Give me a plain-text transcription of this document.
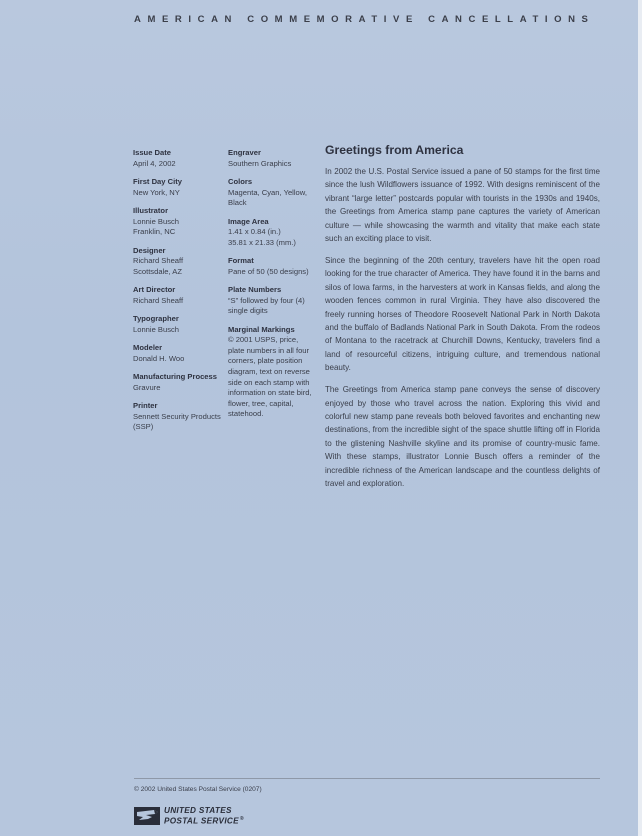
AMERICAN COMMEMORATIVE CANCELLATIONS
Issue Date
April 4, 2002
First Day City
New York, NY
Illustrator
Lonnie Busch
Franklin, NC
Designer
Richard Sheaff
Scottsdale, AZ
Art Director
Richard Sheaff
Typographer
Lonnie Busch
Modeler
Donald H. Woo
Manufacturing Process
Gravure
Printer
Sennett Security Products (SSP)
Engraver
Southern Graphics
Colors
Magenta, Cyan, Yellow, Black
Image Area
1.41 x 0.84 (in.)
35.81 x 21.33 (mm.)
Format
Pane of 50 (50 designs)
Plate Numbers
“S” followed by four (4) single digits
Marginal Markings
© 2001 USPS, price, plate numbers in all four corners, plate position diagram, text on reverse side on each stamp with information on state bird, flower, tree, capital, statehood.
Greetings from America

In 2002 the U.S. Postal Service issued a pane of 50 stamps for the first time since the lush Wildflowers issuance of 1992. With designs reminiscent of the vibrant “large letter” postcards popular with tourists in the 1930s and 1940s, the Greetings from America stamp pane captures the variety of American culture — while showcasing the warmth and vitality that make each state such an exciting place to visit.

Since the beginning of the 20th century, travelers have hit the open road looking for the true character of America. They have found it in the barns and silos of Iowa farms, in the harvesters at work in Kansas fields, and along the wooden fences common in rural Virginia. They have also discovered the freely running horses of Theodore Roosevelt National Park in North Dakota and the buffalo of Badlands National Park in South Dakota. From the rodeos of Montana to the racetrack at Churchill Downs, Kentucky, travelers find a land of resourceful citizens, intriguing culture, and tremendous national beauty.

The Greetings from America stamp pane conveys the sense of discovery enjoyed by those who travel across the nation. Exploring this vivid and colorful new stamp pane reveals both beloved favorites and enchanting new destinations, from the incredible sight of the space shuttle lifting off in Florida to the glistening Nashville skyline and its promise of country-music fame. With these stamps, illustrator Lonnie Busch offers a reminder of the incredible richness of the American landscape and the countless delights of travel and exploration.

© 2002 United States Postal Service (0207)
UNITED STATES
POSTAL SERVICE ®
